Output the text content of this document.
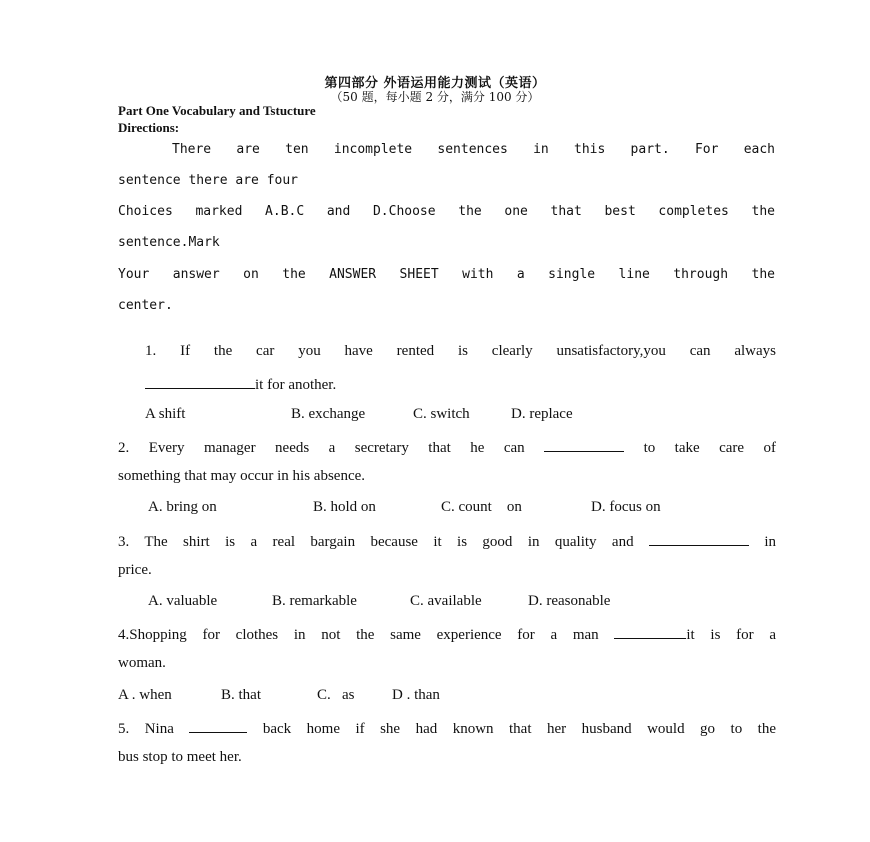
第四部分 外语运用能力测试（英语）
（50 题，每小题 2 分，满分 100 分）
Part One Vocabulary and Tstucture
Directions:
There are ten incomplete sentences in this part. For each
sentence there are four
Choices marked A.B.C and D.Choose the one that best completes the
sentence.Mark
Your answer on the ANSWER SHEET with a single line through the
center.
1. If the car you have rented is clearly unsatisfactory,you can always
it for another.
A shift	B. exchange	C. switch	D. replace
2. Every manager needs a secretary that he can	to take care of
something that may occur in his absence.
A. bring on	B. hold on	C. count    on	D. focus on
3. The shirt is a real bargain because it is good in quality and	in
price.
A. valuable	B. remarkable	C. available	D. reasonable
4.Shopping for clothes in not the same experience for a man	it is for a
woman.
A . when	B. that	C.   as	D . than
5. Nina	back home if she had known that her husband would go to the
bus stop to meet her.
